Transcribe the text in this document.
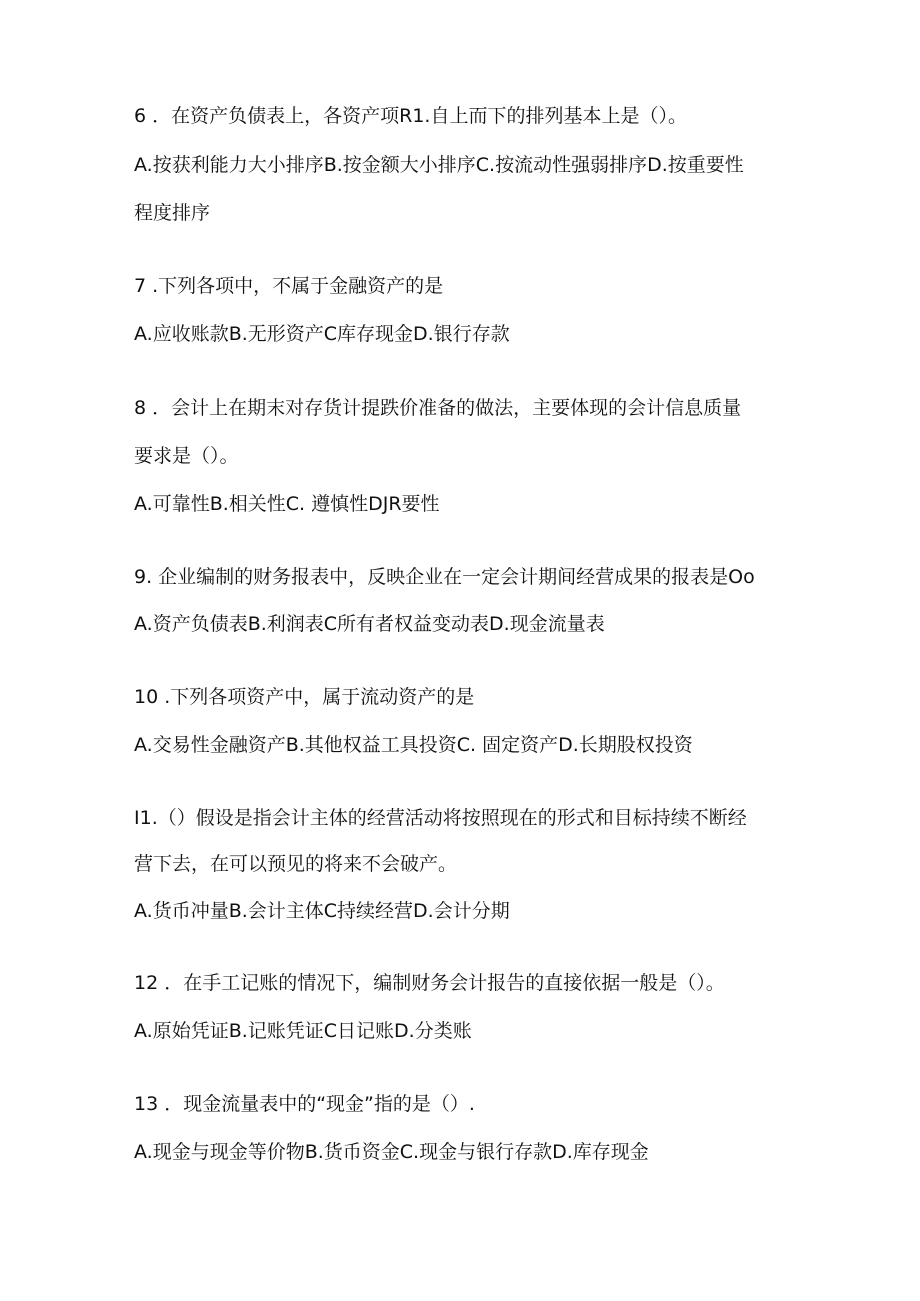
6 ．在资产负债表上，各资产项R1.自上而下的排列基本上是（）。
A.按获利能力大小排序B.按金额大小排序C.按流动性强弱排序D.按重要性
程度排序
7 .下列各项中，不属于金融资产的是
A.应收账款B.无形资产C库存现金D.银行存款
8 ．会计上在期末对存货计提跌价准备的做法，主要体现的会计信息质量
要求是（）。
A.可靠性B.相关性C. 遵慎性DJR要性
9. 企业编制的财务报表中，反映企业在一定会计期间经营成果的报表是Oo
A.资产负债表B.利润表C所有者权益变动表D.现金流量表
10 .下列各项资产中，属于流动资产的是
A.交易性金融资产B.其他权益工具投资C. 固定资产D.长期股权投资
I1.（）假设是指会计主体的经营活动将按照现在的形式和目标持续不断经
营下去，在可以预见的将来不会破产。
A.货币冲量B.会计主体C持续经营D.会计分期
12 ．在手工记账的情况下，编制财务会计报告的直接依据一般是（）。
A.原始凭证B.记账凭证C日记账D.分类账
13 ．现金流量表中的“现金”指的是（）.
A.现金与现金等价物B.货币资金C.现金与银行存款D.库存现金
